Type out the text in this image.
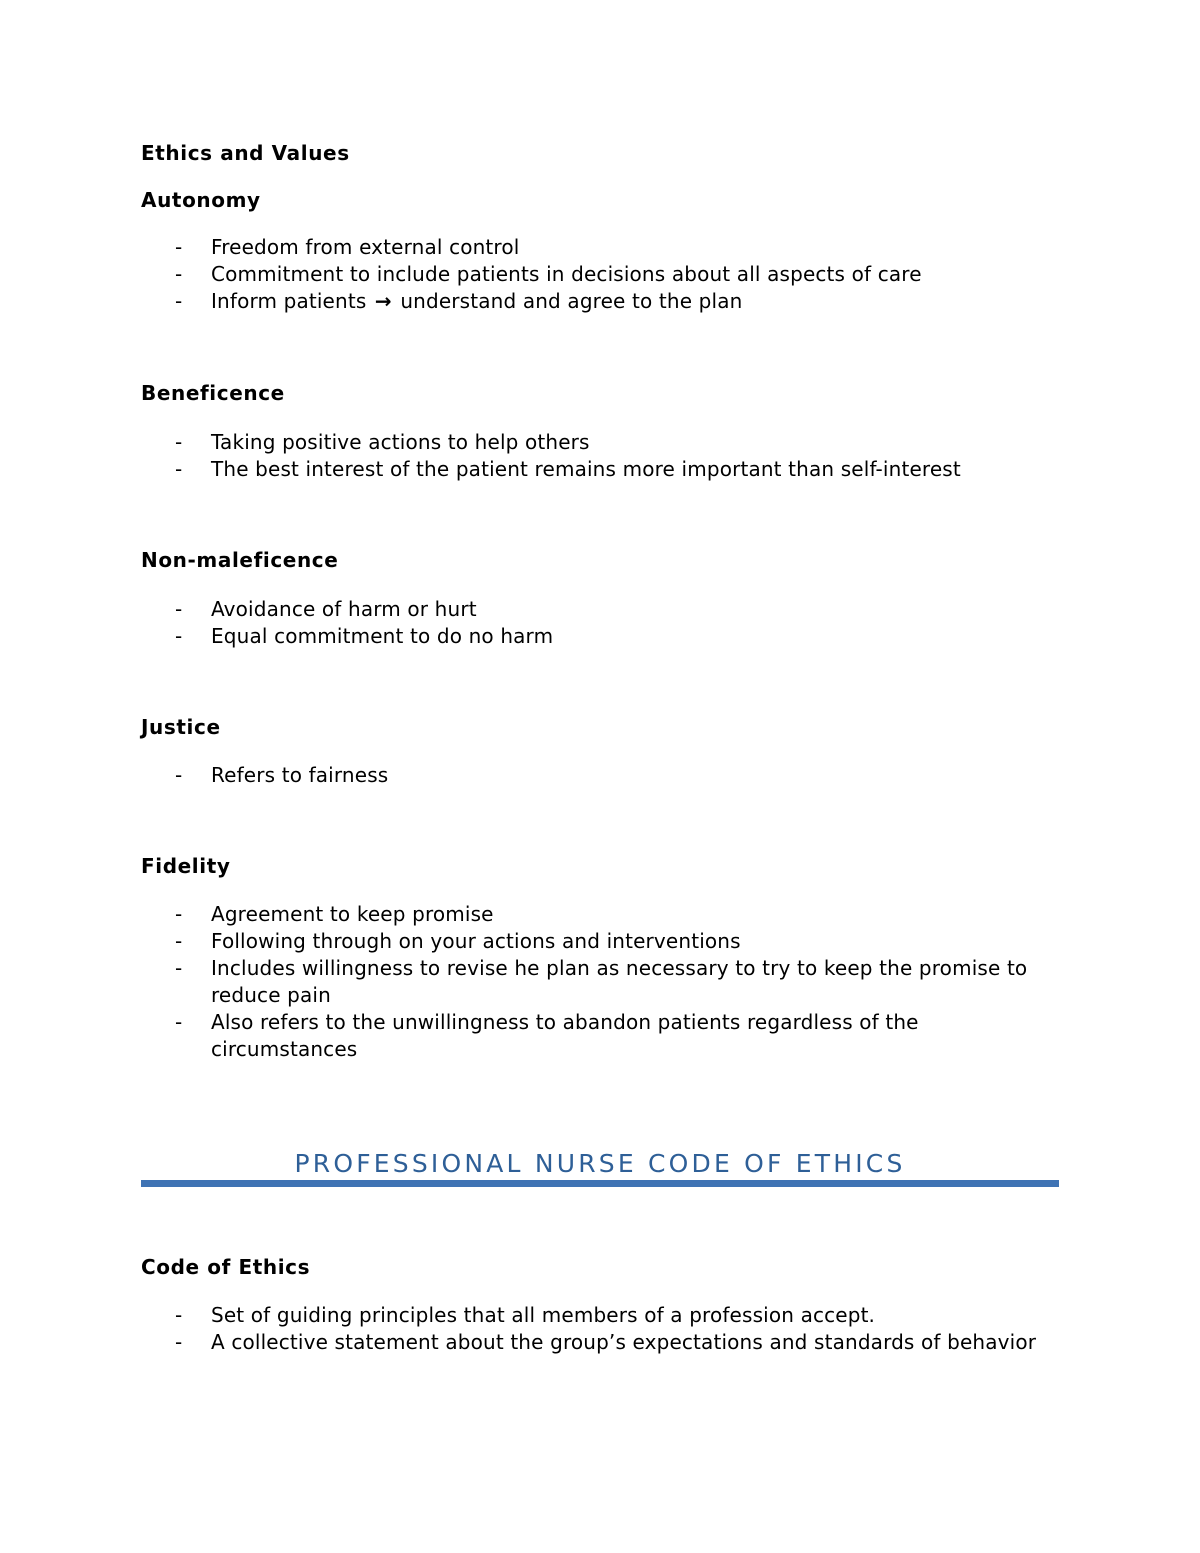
Ethics and Values
Autonomy
- Freedom from external control
- Commitment to include patients in decisions about all aspects of care
- Inform patients → understand and agree to the plan
Beneficence
- Taking positive actions to help others
- The best interest of the patient remains more important than self-interest
Non-maleficence
- Avoidance of harm or hurt
- Equal commitment to do no harm
Justice
- Refers to fairness
Fidelity
- Agreement to keep promise
- Following through on your actions and interventions
- Includes willingness to revise he plan as necessary to try to keep the promise to reduce pain
- Also refers to the unwillingness to abandon patients regardless of the circumstances
PROFESSIONAL NURSE CODE OF ETHICS
Code of Ethics
- Set of guiding principles that all members of a profession accept.
- A collective statement about the group’s expectations and standards of behavior
